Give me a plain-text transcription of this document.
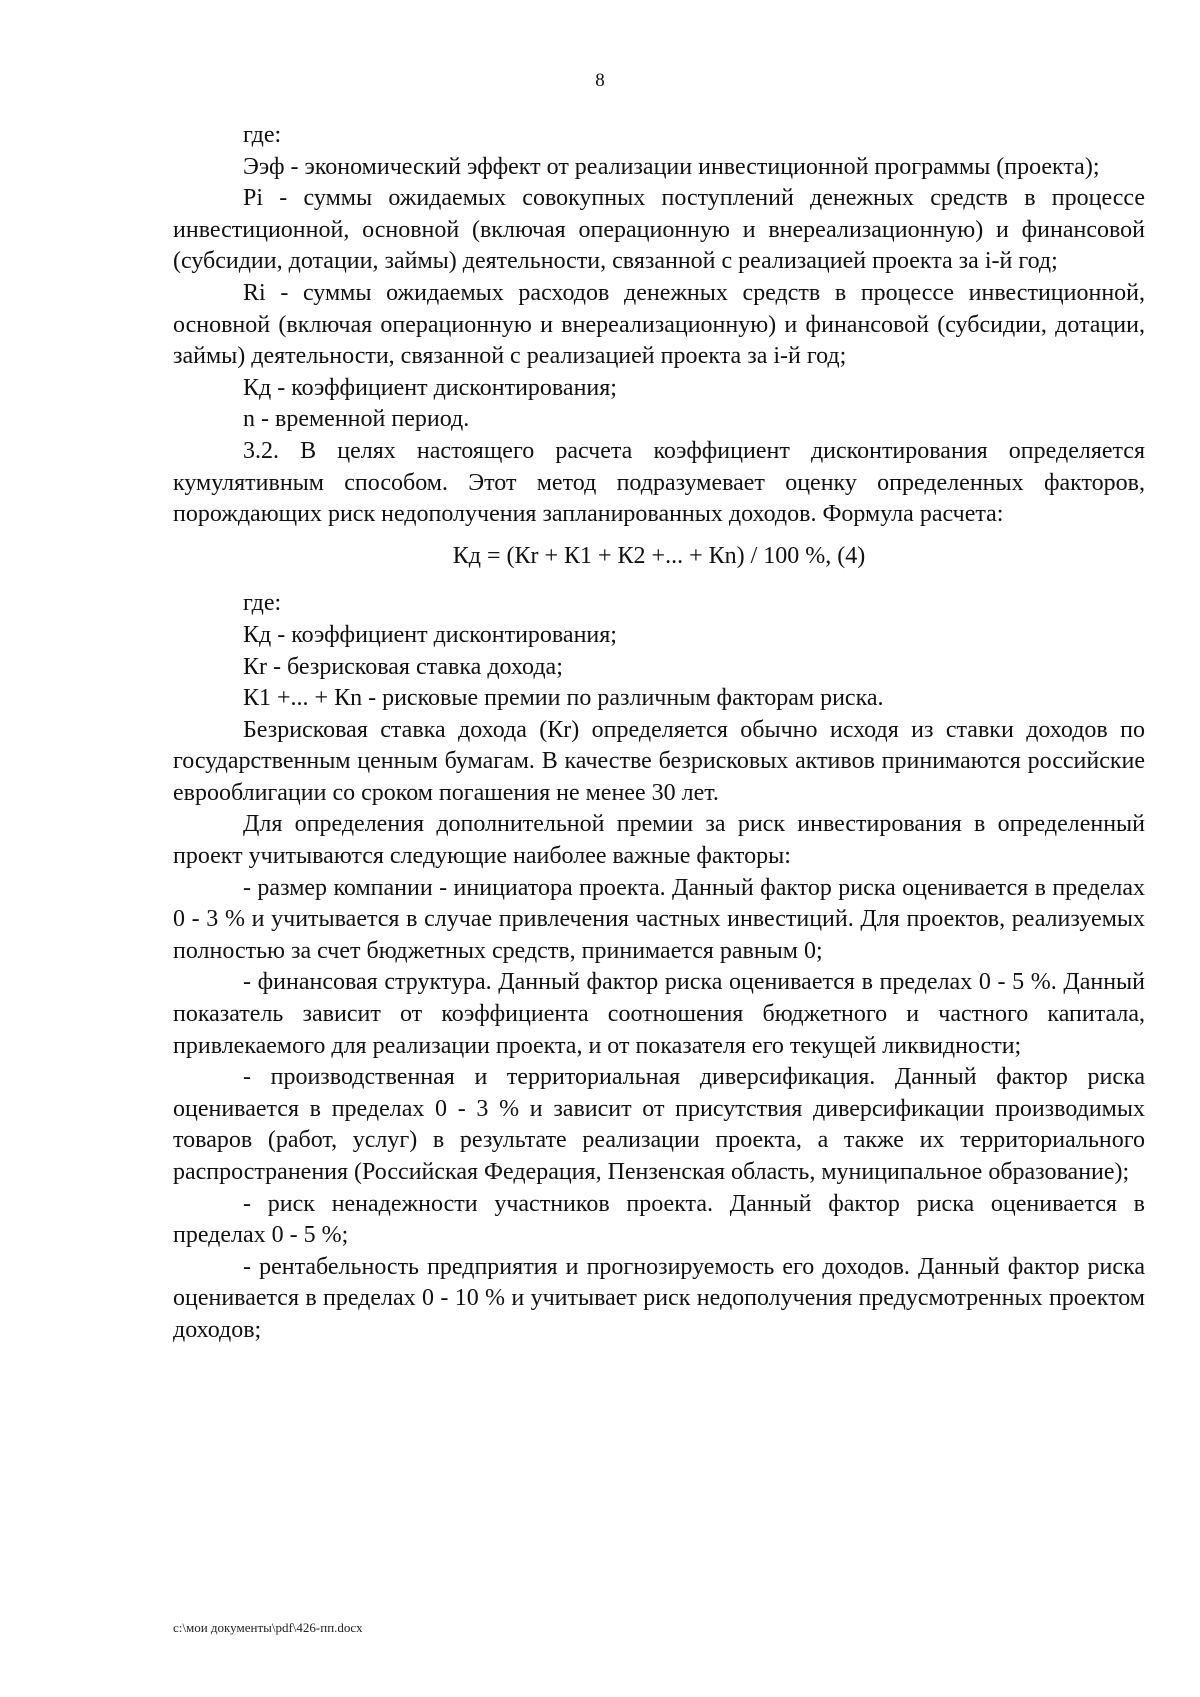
8

где:

Ээф - экономический эффект от реализации инвестиционной программы (проекта);

Pi - суммы ожидаемых совокупных поступлений денежных средств в процессе инвестиционной, основной (включая операционную и внереализационную) и финансовой (субсидии, дотации, займы) деятельности, связанной с реализацией проекта за i-й год;

Ri - суммы ожидаемых расходов денежных средств в процессе инвестиционной, основной (включая операционную и внереализационную) и финансовой (субсидии, дотации, займы) деятельности, связанной с реализацией проекта за i-й год;

Кд - коэффициент дисконтирования;

n - временной период.

3.2. В целях настоящего расчета коэффициент дисконтирования определяется кумулятивным способом. Этот метод подразумевает оценку определенных факторов, порождающих риск недополучения запланированных доходов. Формула расчета:

Кд = (Кr + К1 + К2 +... + Кn) / 100 %, (4)

где:

Кд - коэффициент дисконтирования;

Кr - безрисковая ставка дохода;

К1 +... + Кn - рисковые премии по различным факторам риска.

Безрисковая ставка дохода (Кr) определяется обычно исходя из ставки доходов по государственным ценным бумагам. В качестве безрисковых активов принимаются российские еврооблигации со сроком погашения не менее 30 лет.

Для определения дополнительной премии за риск инвестирования в определенный проект учитываются следующие наиболее важные факторы:

- размер компании - инициатора проекта. Данный фактор риска оценивается в пределах 0 - 3 % и учитывается в случае привлечения частных инвестиций. Для проектов, реализуемых полностью за счет бюджетных средств, принимается равным 0;

- финансовая структура. Данный фактор риска оценивается в пределах 0 - 5 %. Данный показатель зависит от коэффициента соотношения бюджетного и частного капитала, привлекаемого для реализации проекта, и от показателя его текущей ликвидности;

- производственная и территориальная диверсификация. Данный фактор риска оценивается в пределах 0 - 3 % и зависит от присутствия диверсификации производимых товаров (работ, услуг) в результате реализации проекта, а также их территориального распространения (Российская Федерация, Пензенская область, муниципальное образование);

- риск ненадежности участников проекта. Данный фактор риска оценивается в пределах 0 - 5 %;

- рентабельность предприятия и прогнозируемость его доходов. Данный фактор риска оценивается в пределах 0 - 10 % и учитывает риск недополучения предусмотренных проектом доходов;

c:\мои документы\pdf\426-пп.docx
